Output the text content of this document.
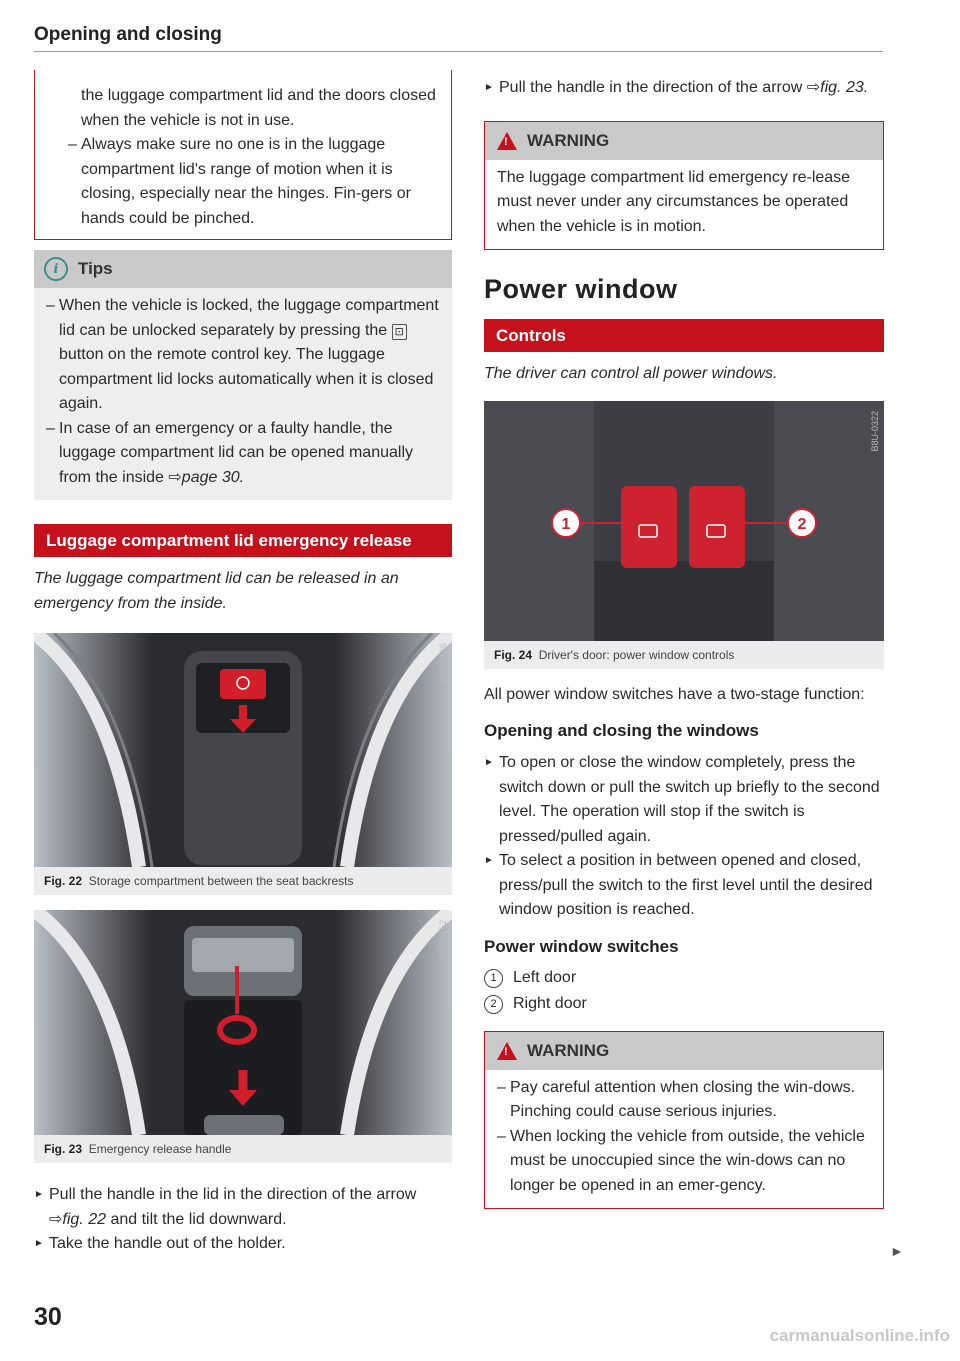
Opening and closing

the luggage compartment lid and the doors closed when the vehicle is not in use.

– Always make sure no one is in the luggage compartment lid's range of motion when it is closing, especially near the hinges. Fin-gers or hands could be pinched.
i	Tips
– When the vehicle is locked, the luggage compartment lid can be unlocked separately by pressing the ⊡ button on the remote control key. The luggage compartment lid locks automatically when it is closed again.
– In case of an emergency or a faulty handle, the luggage compartment lid can be opened manually from the inside ⇨page 30.
Luggage compartment lid emergency release

The luggage compartment lid can be released in an emergency from the inside.

8FV-0136
Fig. 22 Storage compartment between the seat backrests
8FV-0152
Fig. 23 Emergency release handle

► Pull the handle in the lid in the direction of the arrow ⇨fig. 22 and tilt the lid downward.

► Take the handle out of the holder.

► Pull the handle in the direction of the arrow ⇨fig. 23.

! WARNING
The luggage compartment lid emergency re-lease must never under any circumstances be operated when the vehicle is in motion.
Power window
Controls

The driver can control all power windows.

1	2
B8U-0322
Fig. 24 Driver's door: power window controls

All power window switches have a two-stage function:

Opening and closing the windows

► To open or close the window completely, press the switch down or pull the switch up briefly to the second level. The operation will stop if the switch is pressed/pulled again.

► To select a position in between opened and closed, press/pull the switch to the first level until the desired window position is reached.

Power window switches
1	Left door
2	Right door
! WARNING
– Pay careful attention when closing the win-dows. Pinching could cause serious injuries.
– When locking the vehicle from outside, the vehicle must be unoccupied since the win-dows can no longer be opened in an emer-gency.
►
30
carmanualsonline.info
